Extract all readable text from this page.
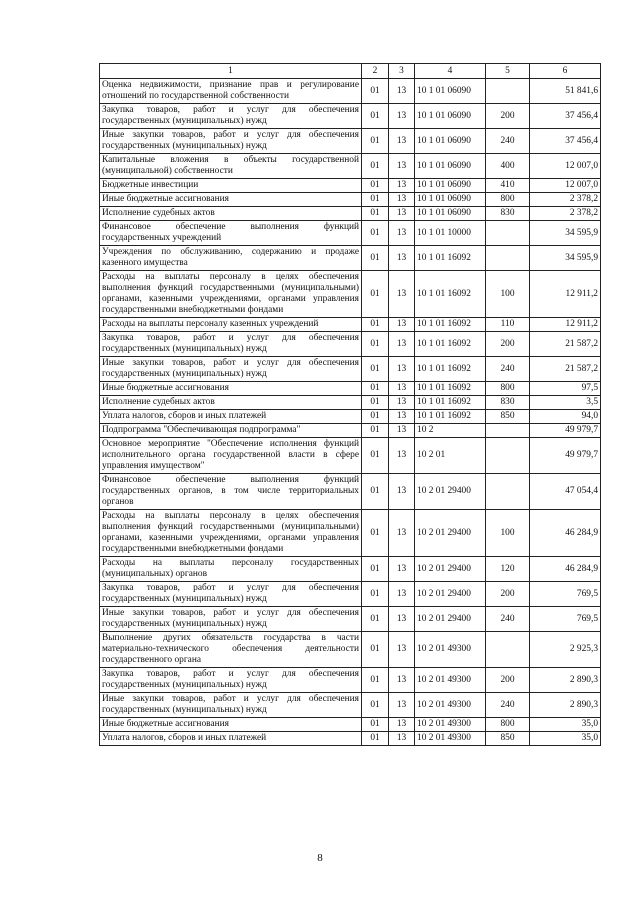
1	2	3	4	5	6
Оценка недвижимости, признание прав и регулирование отношений по государственной собственности	01	13	10 1 01 06090		51 841,6
Закупка товаров, работ и услуг для обеспечения государственных (муниципальных) нужд	01	13	10 1 01 06090	200	37 456,4
Иные закупки товаров, работ и услуг для обеспечения государственных (муниципальных) нужд	01	13	10 1 01 06090	240	37 456,4
Капитальные вложения в объекты государственной (муниципальной) собственности	01	13	10 1 01 06090	400	12 007,0
Бюджетные инвестиции	01	13	10 1 01 06090	410	12 007,0
Иные бюджетные ассигнования	01	13	10 1 01 06090	800	2 378,2
Исполнение судебных актов	01	13	10 1 01 06090	830	2 378,2
Финансовое обеспечение выполнения функций государственных учреждений	01	13	10 1 01 10000		34 595,9
Учреждения по обслуживанию, содержанию и продаже казенного имущества	01	13	10 1 01 16092		34 595,9
Расходы на выплаты персоналу в целях обеспечения выполнения функций государственными (муниципальными) органами, казенными учреждениями, органами управления государственными внебюджетными фондами	01	13	10 1 01 16092	100	12 911,2
Расходы на выплаты персоналу казенных учреждений	01	13	10 1 01 16092	110	12 911,2
Закупка товаров, работ и услуг для обеспечения государственных (муниципальных) нужд	01	13	10 1 01 16092	200	21 587,2
Иные закупки товаров, работ и услуг для обеспечения государственных (муниципальных) нужд	01	13	10 1 01 16092	240	21 587,2
Иные бюджетные ассигнования	01	13	10 1 01 16092	800	97,5
Исполнение судебных актов	01	13	10 1 01 16092	830	3,5
Уплата налогов, сборов и иных платежей	01	13	10 1 01 16092	850	94,0
Подпрограмма "Обеспечивающая подпрограмма"	01	13	10 2		49 979,7
Основное мероприятие "Обеспечение исполнения функций исполнительного органа государственной власти в сфере управления имуществом"	01	13	10 2 01		49 979,7
Финансовое обеспечение выполнения функций государственных органов, в том числе территориальных органов	01	13	10 2 01 29400		47 054,4
Расходы на выплаты персоналу в целях обеспечения выполнения функций государственными (муниципальными) органами, казенными учреждениями, органами управления государственными внебюджетными фондами	01	13	10 2 01 29400	100	46 284,9
Расходы на выплаты персоналу государственных (муниципальных) органов	01	13	10 2 01 29400	120	46 284,9
Закупка товаров, работ и услуг для обеспечения государственных (муниципальных) нужд	01	13	10 2 01 29400	200	769,5
Иные закупки товаров, работ и услуг для обеспечения государственных (муниципальных) нужд	01	13	10 2 01 29400	240	769,5
Выполнение других обязательств государства в части материально-технического обеспечения деятельности государственного органа	01	13	10 2 01 49300		2 925,3
Закупка товаров, работ и услуг для обеспечения государственных (муниципальных) нужд	01	13	10 2 01 49300	200	2 890,3
Иные закупки товаров, работ и услуг для обеспечения государственных (муниципальных) нужд	01	13	10 2 01 49300	240	2 890,3
Иные бюджетные ассигнования	01	13	10 2 01 49300	800	35,0
Уплата налогов, сборов и иных платежей	01	13	10 2 01 49300	850	35,0
8
